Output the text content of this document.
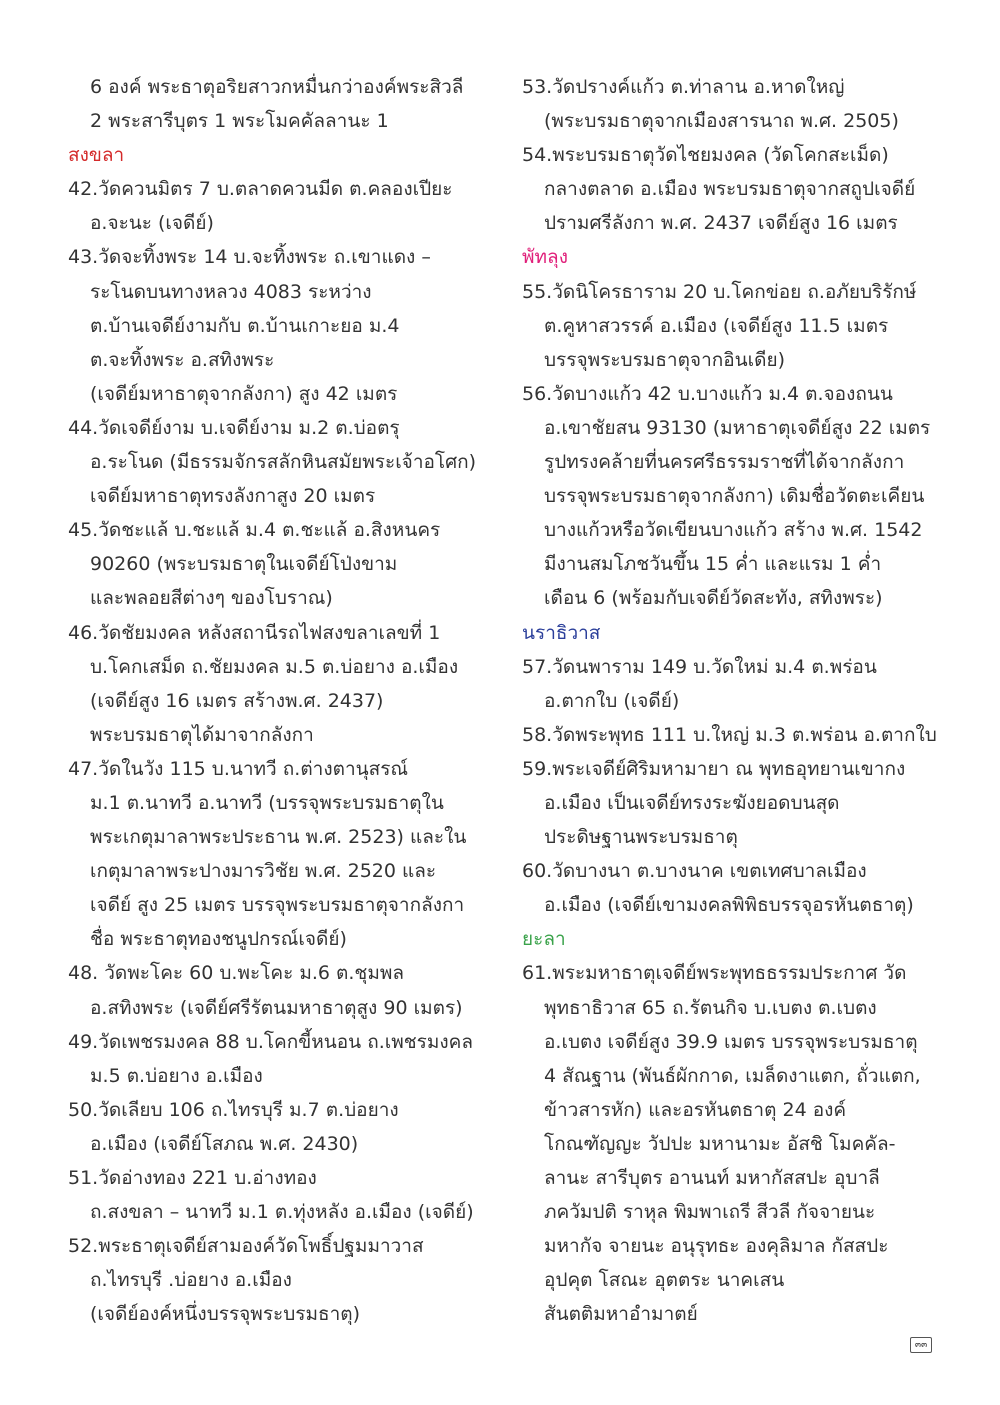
6 องค์ พระธาตุอริยสาวกหมื่นกว่าองค์พระสิวลี
2 พระสารีบุตร 1 พระโมคคัลลานะ 1
สงขลา
42.วัดควนมิตร 7 บ.ตลาดควนมีด ต.คลองเปียะ
อ.จะนะ (เจดีย์)
43.วัดจะทิ้งพระ 14 บ.จะทิ้งพระ ถ.เขาแดง –
ระโนดบนทางหลวง 4083 ระหว่าง
ต.บ้านเจดีย์งามกับ ต.บ้านเกาะยอ ม.4
ต.จะทิ้งพระ อ.สทิงพระ
(เจดีย์มหาธาตุจากลังกา) สูง 42 เมตร
44.วัดเจดีย์งาม บ.เจดีย์งาม ม.2 ต.บ่อตรุ
อ.ระโนด (มีธรรมจักรสลักหินสมัยพระเจ้าอโศก)
เจดีย์มหาธาตุทรงลังกาสูง 20 เมตร
45.วัดชะแล้ บ.ชะแล้ ม.4 ต.ชะแล้ อ.สิงหนคร
90260 (พระบรมธาตุในเจดีย์โป่งขาม
และพลอยสีต่างๆ ของโบราณ)
46.วัดชัยมงคล หลังสถานีรถไฟสงขลาเลขที่ 1
บ.โคกเสม็ด ถ.ชัยมงคล ม.5 ต.บ่อยาง อ.เมือง
(เจดีย์สูง 16 เมตร สร้างพ.ศ. 2437)
พระบรมธาตุได้มาจากลังกา
47.วัดในวัง 115 บ.นาทวี ถ.ต่างตานุสรณ์
ม.1 ต.นาทวี อ.นาทวี (บรรจุพระบรมธาตุใน
พระเกตุมาลาพระประธาน พ.ศ. 2523) และใน
เกตุมาลาพระปางมารวิชัย พ.ศ. 2520 และ
เจดีย์ สูง 25 เมตร บรรจุพระบรมธาตุจากลังกา
ชื่อ พระธาตุทองชนูปกรณ์เจดีย์)
48. วัดพะโคะ 60 บ.พะโคะ ม.6 ต.ชุมพล
อ.สทิงพระ (เจดีย์ศรีรัตนมหาธาตุสูง 90 เมตร)
49.วัดเพชรมงคล 88 บ.โคกขี้หนอน ถ.เพชรมงคล
ม.5 ต.บ่อยาง อ.เมือง
50.วัดเลียบ 106 ถ.ไทรบุรี ม.7 ต.บ่อยาง
อ.เมือง (เจดีย์โสภณ พ.ศ. 2430)
51.วัดอ่างทอง 221 บ.อ่างทอง
ถ.สงขลา – นาทวี ม.1 ต.ทุ่งหลัง อ.เมือง (เจดีย์)
52.พระธาตุเจดีย์สามองค์วัดโพธิ์ปฐมมาวาส
ถ.ไทรบุรี .บ่อยาง อ.เมือง
(เจดีย์องค์หนึ่งบรรจุพระบรมธาตุ)
53.วัดปรางค์แก้ว ต.ท่าลาน อ.หาดใหญ่
(พระบรมธาตุจากเมืองสารนาถ พ.ศ. 2505)
54.พระบรมธาตุวัดไชยมงคล (วัดโคกสะเม็ด)
กลางตลาด อ.เมือง พระบรมธาตุจากสถูปเจดีย์
ปรามศรีลังกา พ.ศ. 2437 เจดีย์สูง 16 เมตร
พัทลุง
55.วัดนิโครธาราม 20 บ.โคกข่อย ถ.อภัยบริรักษ์
ต.คูหาสวรรค์ อ.เมือง (เจดีย์สูง 11.5 เมตร
บรรจุพระบรมธาตุจากอินเดีย)
56.วัดบางแก้ว 42 บ.บางแก้ว ม.4 ต.จองถนน
อ.เขาชัยสน 93130 (มหาธาตุเจดีย์สูง 22 เมตร
รูปทรงคล้ายที่นครศรีธรรมราชที่ได้จากลังกา
บรรจุพระบรมธาตุจากลังกา) เดิมชื่อวัดตะเคียน
บางแก้วหรือวัดเขียนบางแก้ว สร้าง พ.ศ. 1542
มีงานสมโภชวันขึ้น 15 ค่ำ และแรม 1 ค่ำ
เดือน 6 (พร้อมกับเจดีย์วัดสะทัง, สทิงพระ)
นราธิวาส
57.วัดนพาราม 149 บ.วัดใหม่ ม.4 ต.พร่อน
อ.ตากใบ (เจดีย์)
58.วัดพระพุทธ 111 บ.ใหญ่ ม.3 ต.พร่อน อ.ตากใบ
59.พระเจดีย์ศิริมหามายา ณ พุทธอุทยานเขากง
อ.เมือง เป็นเจดีย์ทรงระฆังยอดบนสุด
ประดิษฐานพระบรมธาตุ
60.วัดบางนา ต.บางนาค เขตเทศบาลเมือง
อ.เมือง (เจดีย์เขามงคลพิพิธบรรจุอรหันตธาตุ)
ยะลา
61.พระมหาธาตุเจดีย์พระพุทธธรรมประกาศ วัด
พุทธาธิวาส 65 ถ.รัตนกิจ บ.เบตง ต.เบตง
อ.เบตง เจดีย์สูง 39.9 เมตร บรรจุพระบรมธาตุ
4 สัณฐาน (พันธ์ผักกาด, เมล็ดงาแตก, ถั่วแตก,
ข้าวสารหัก) และอรหันตธาตุ 24 องค์
โกณฑัญญะ วัปปะ มหานามะ อัสชิ โมคคัล-
ลานะ สารีบุตร อานนท์ มหากัสสปะ อุบาลี
ภควัมปติ ราหุล พิมพาเถรี สีวลี กัจจายนะ
มหากัจ จายนะ อนุรุทธะ องคุลิมาล กัสสปะ
อุปคุต โสณะ อุตตระ นาคเสน
สันตติมหาอำมาตย์
๓๓
